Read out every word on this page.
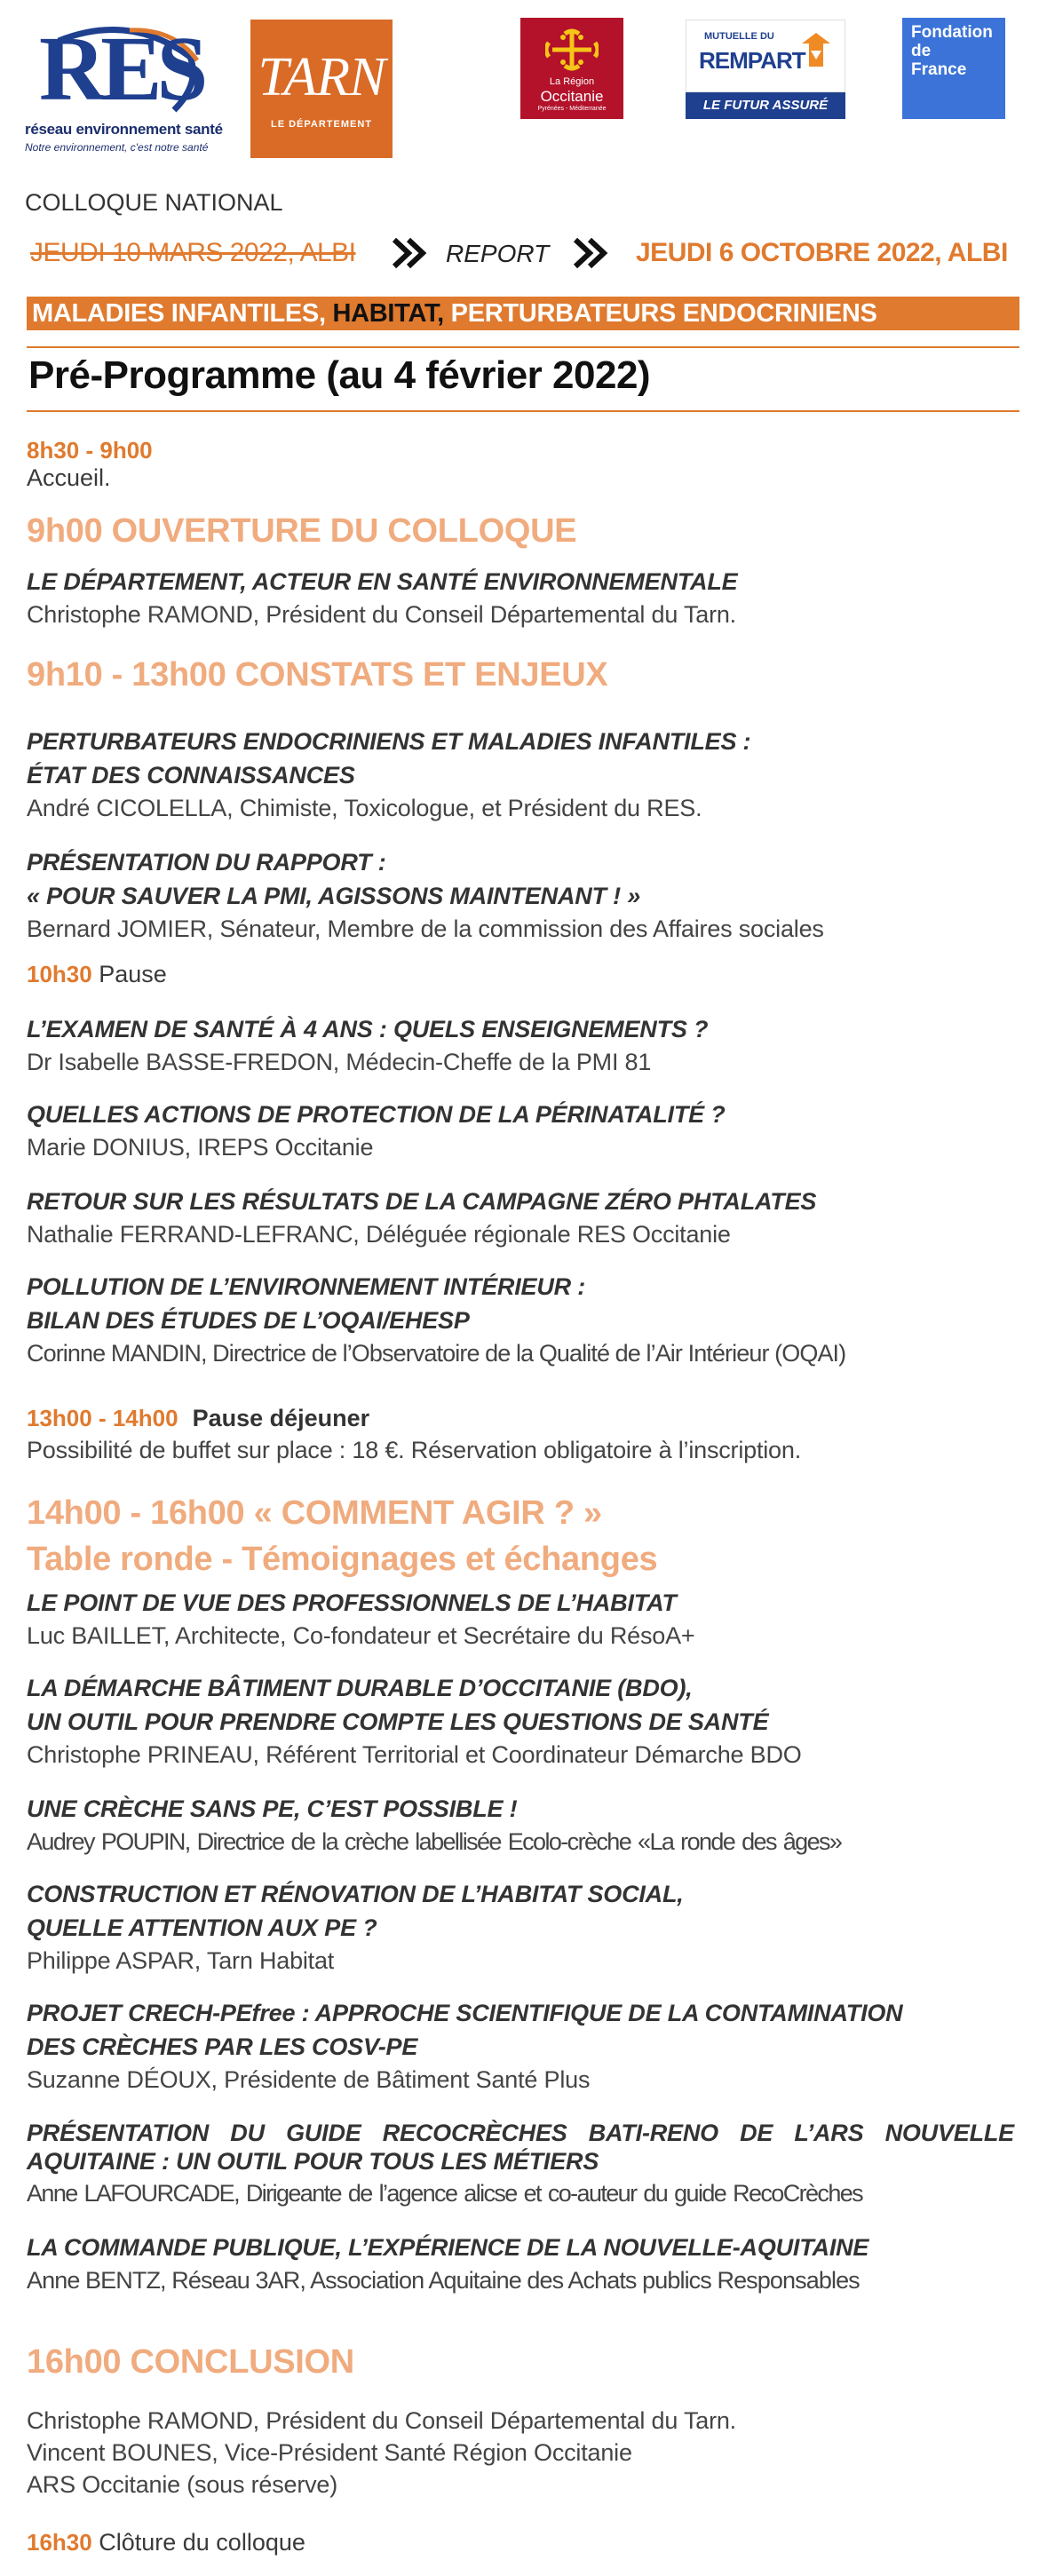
RES
réseau environnement santé
Notre environnement, c'est notre santé
TARN
LE DÉPARTEMENT
La Région
Occitanie
Pyrénées - Méditerranée
MUTUELLE DU
REMPART
LE FUTUR ASSURÉ
Fondation
de
France
COLLOQUE NATIONAL
JEUDI 10 MARS 2022, ALBI	REPORT	JEUDI 6 OCTOBRE 2022, ALBI
MALADIES INFANTILES, HABITAT, PERTURBATEURS ENDOCRINIENS
Pré-Programme (au 4 février 2022)
8h30 - 9h00
Accueil.
9h00 OUVERTURE DU COLLOQUE
LE DÉPARTEMENT, ACTEUR EN SANTÉ ENVIRONNEMENTALE
Christophe RAMOND, Président du Conseil Départemental du Tarn.
9h10 - 13h00 CONSTATS ET ENJEUX
PERTURBATEURS ENDOCRINIENS ET MALADIES INFANTILES :
ÉTAT DES CONNAISSANCES
André CICOLELLA, Chimiste, Toxicologue, et Président du RES.
PRÉSENTATION DU RAPPORT :
« POUR SAUVER LA PMI, AGISSONS MAINTENANT ! »
Bernard JOMIER, Sénateur, Membre de la commission des Affaires sociales
10h30 Pause
L’EXAMEN DE SANTÉ À 4 ANS : QUELS ENSEIGNEMENTS ?
Dr Isabelle BASSE-FREDON, Médecin-Cheffe de la PMI 81
QUELLES ACTIONS DE PROTECTION DE LA PÉRINATALITÉ ?
Marie DONIUS, IREPS Occitanie
RETOUR SUR LES RÉSULTATS DE LA CAMPAGNE ZÉRO PHTALATES
Nathalie FERRAND-LEFRANC, Déléguée régionale RES Occitanie
POLLUTION DE L’ENVIRONNEMENT INTÉRIEUR :
BILAN DES ÉTUDES DE L’OQAI/EHESP
Corinne MANDIN, Directrice de l’Observatoire de la Qualité de l’Air Intérieur (OQAI)
13h00 - 14h00 Pause déjeuner
Possibilité de buffet sur place : 18 €. Réservation obligatoire à l’inscription.
14h00 - 16h00 « COMMENT AGIR ? »
Table ronde - Témoignages et échanges
LE POINT DE VUE DES PROFESSIONNELS DE L’HABITAT
Luc BAILLET, Architecte, Co-fondateur et Secrétaire du RésoA+
LA DÉMARCHE BÂTIMENT DURABLE D’OCCITANIE (BDO),
UN OUTIL POUR PRENDRE COMPTE LES QUESTIONS DE SANTÉ
Christophe PRINEAU, Référent Territorial et Coordinateur Démarche BDO
UNE CRÈCHE SANS PE, C’EST POSSIBLE !
Audrey POUPIN, Directrice de la crèche labellisée Ecolo-crèche «La ronde des âges»
CONSTRUCTION ET RÉNOVATION DE L’HABITAT SOCIAL,
QUELLE ATTENTION AUX PE ?
Philippe ASPAR, Tarn Habitat
PROJET CRECH-PEfree : APPROCHE SCIENTIFIQUE DE LA CONTAMINATION
DES CRÈCHES PAR LES COSV-PE
Suzanne DÉOUX, Présidente de Bâtiment Santé Plus
PRÉSENTATION DU GUIDE RECOCRÈCHES BATI-RENO DE L’ARS NOUVELLE AQUITAINE : UN OUTIL POUR TOUS LES MÉTIERS
Anne LAFOURCADE, Dirigeante de l’agence alicse et co-auteur du guide RecoCrèches
LA COMMANDE PUBLIQUE, L’EXPÉRIENCE DE LA NOUVELLE-AQUITAINE
Anne BENTZ, Réseau 3AR, Association Aquitaine des Achats publics Responsables
16h00 CONCLUSION
Christophe RAMOND, Président du Conseil Départemental du Tarn.
Vincent BOUNES, Vice-Président Santé Région Occitanie
ARS Occitanie (sous réserve)
16h30 Clôture du colloque
